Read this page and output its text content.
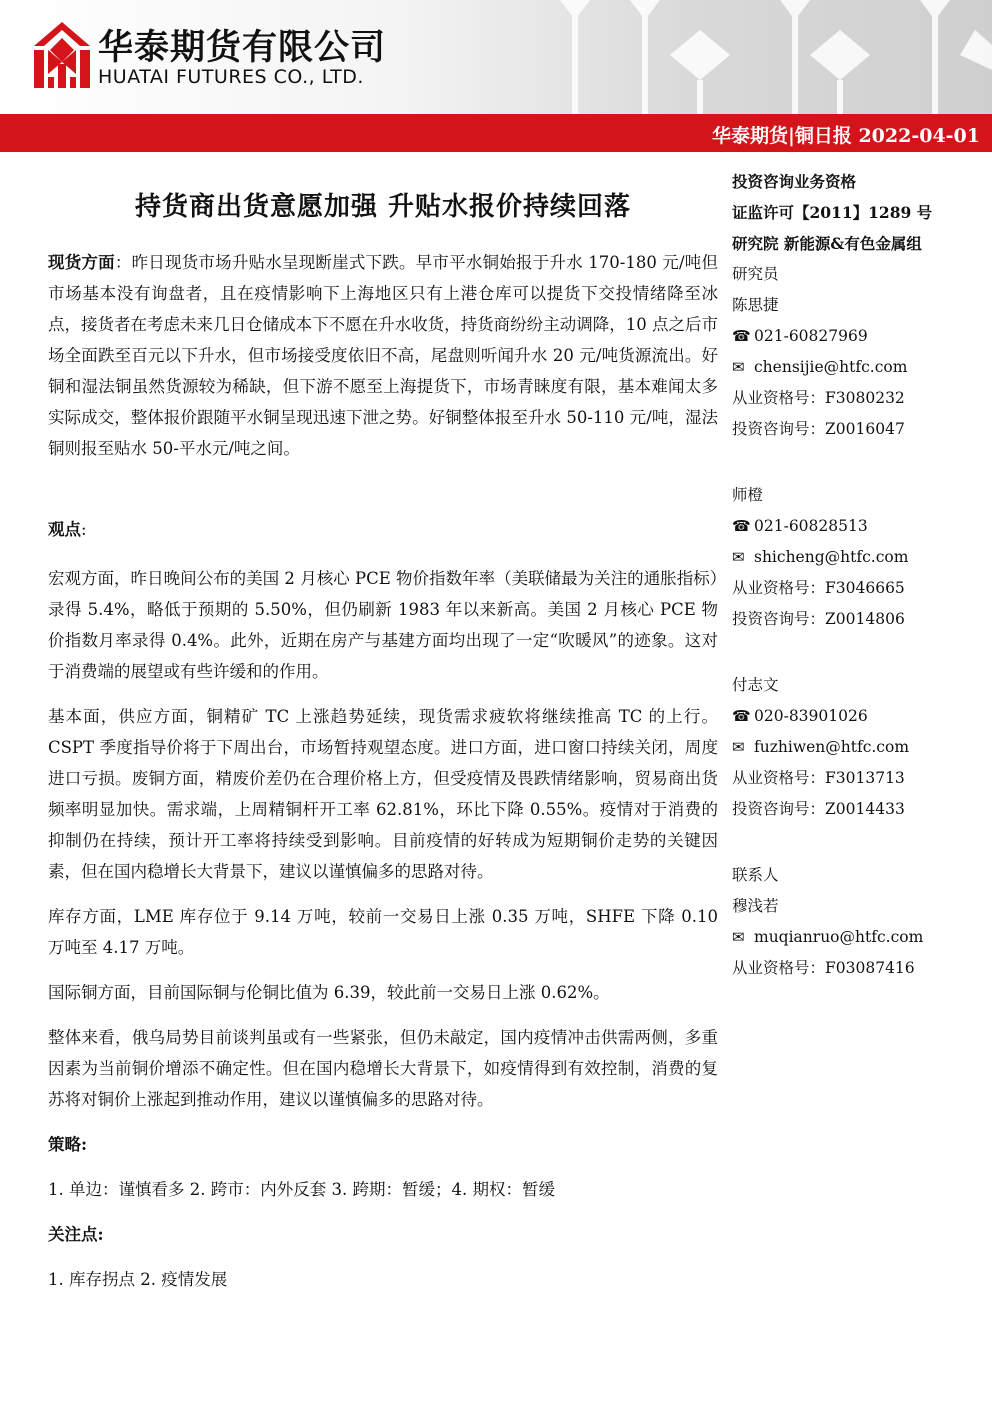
华泰期货有限公司
HUATAI FUTURES CO., LTD.
华泰期货|铜日报 2022-04-01
持货商出货意愿加强 升贴水报价持续回落

现货方面：昨日现货市场升贴水呈现断崖式下跌。早市平水铜始报于升水 170-180 元/吨但市场基本没有询盘者，且在疫情影响下上海地区只有上港仓库可以提货下交投情绪降至冰点，接货者在考虑未来几日仓储成本下不愿在升水收货，持货商纷纷主动调降，10 点之后市场全面跌至百元以下升水，但市场接受度依旧不高，尾盘则听闻升水 20 元/吨货源流出。好铜和湿法铜虽然货源较为稀缺，但下游不愿至上海提货下，市场青睐度有限，基本难闻太多实际成交，整体报价跟随平水铜呈现迅速下泄之势。好铜整体报至升水 50-110 元/吨，湿法铜则报至贴水 50-平水元/吨之间。

观点:

宏观方面，昨日晚间公布的美国 2 月核心 PCE 物价指数年率（美联储最为关注的通胀指标）录得 5.4%，略低于预期的 5.50%，但仍刷新 1983 年以来新高。美国 2 月核心 PCE 物价指数月率录得 0.4%。此外，近期在房产与基建方面均出现了一定“吹暖风”的迹象。这对于消费端的展望或有些许缓和的作用。

基本面，供应方面，铜精矿 TC 上涨趋势延续，现货需求疲软将继续推高 TC 的上行。CSPT 季度指导价将于下周出台，市场暂持观望态度。进口方面，进口窗口持续关闭，周度进口亏损。废铜方面，精废价差仍在合理价格上方，但受疫情及畏跌情绪影响，贸易商出货频率明显加快。需求端，上周精铜杆开工率 62.81%，环比下降 0.55%。疫情对于消费的抑制仍在持续，预计开工率将持续受到影响。目前疫情的好转成为短期铜价走势的关键因素，但在国内稳增长大背景下，建议以谨慎偏多的思路对待。

库存方面，LME 库存位于 9.14 万吨，较前一交易日上涨 0.35 万吨，SHFE 下降 0.10 万吨至 4.17 万吨。

国际铜方面，目前国际铜与伦铜比值为 6.39，较此前一交易日上涨 0.62%。

整体来看，俄乌局势目前谈判虽或有一些紧张，但仍未敲定，国内疫情冲击供需两侧，多重因素为当前铜价增添不确定性。但在国内稳增长大背景下，如疫情得到有效控制，消费的复苏将对铜价上涨起到推动作用，建议以谨慎偏多的思路对待。

策略:

1. 单边：谨慎看多 2. 跨市：内外反套 3. 跨期：暂缓；4. 期权：暂缓

关注点:

1. 库存拐点 2. 疫情发展

投资咨询业务资格
证监许可【2011】1289 号
研究院 新能源&有色金属组
研究员
陈思捷
☎ 021-60827969
✉ chensijie@htfc.com
从业资格号：F3080232
投资咨询号：Z0016047
师橙
☎ 021-60828513
✉ shicheng@htfc.com
从业资格号：F3046665
投资咨询号：Z0014806
付志文
☎ 020-83901026
✉ fuzhiwen@htfc.com
从业资格号：F3013713
投资咨询号：Z0014433
联系人
穆浅若
✉ muqianruo@htfc.com
从业资格号：F03087416
